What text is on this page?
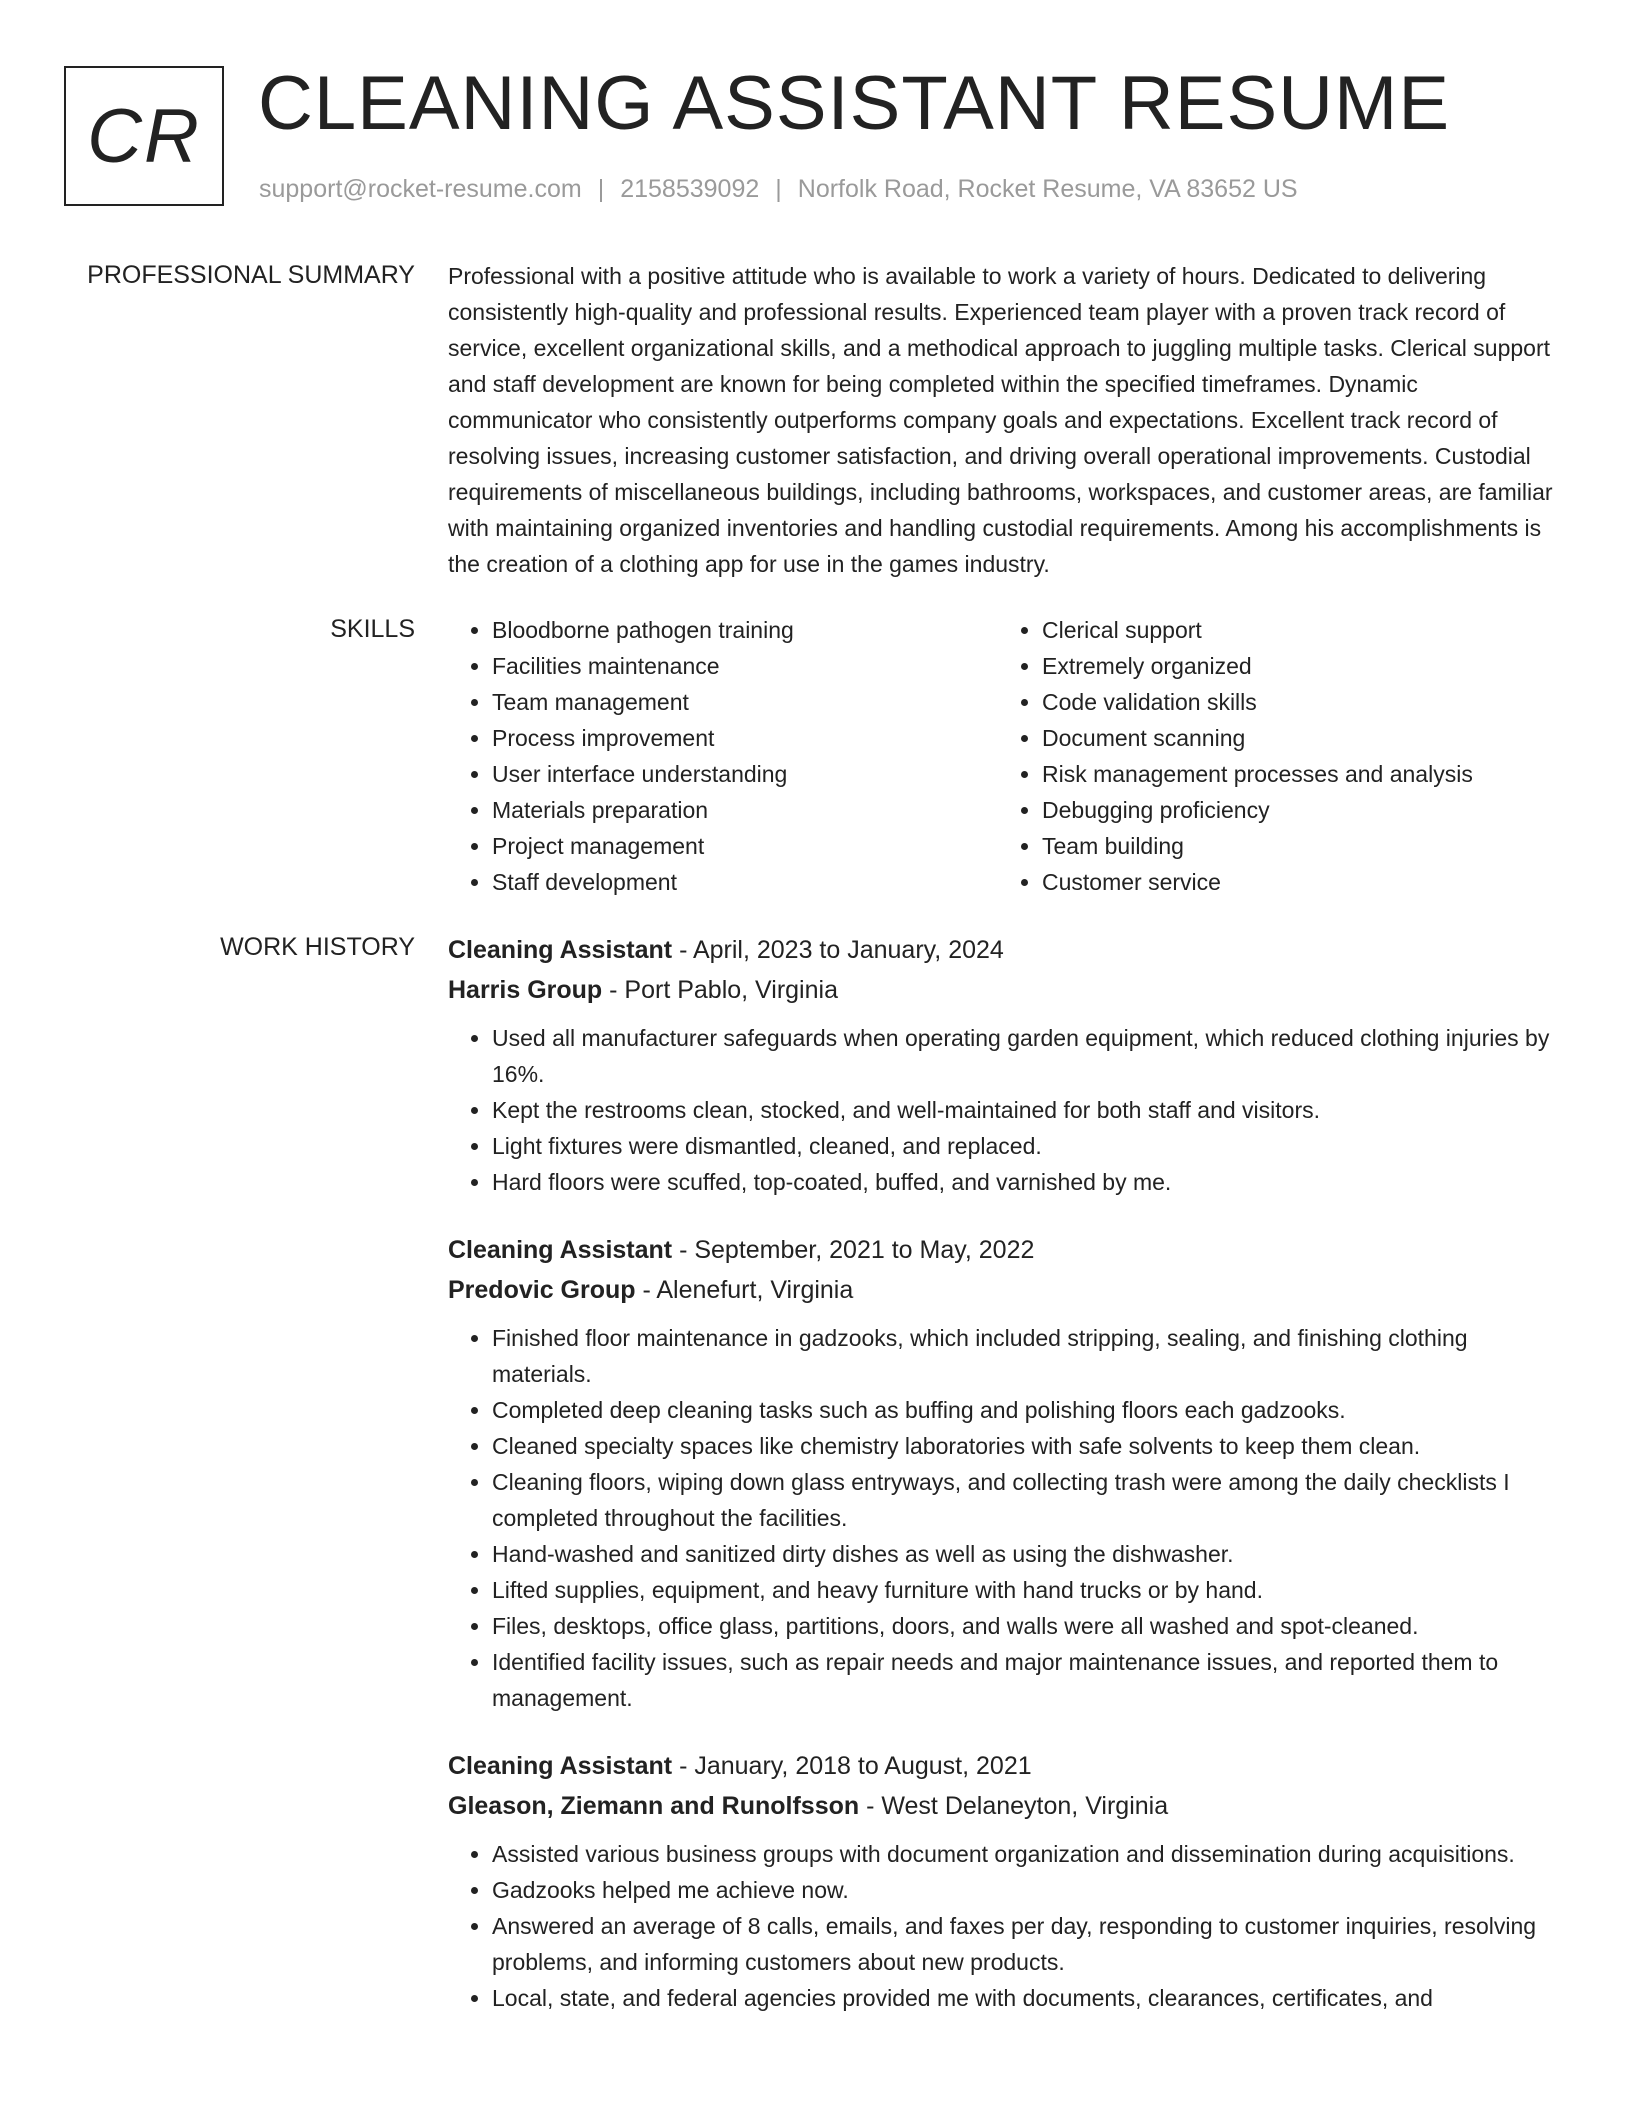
CR CLEANING ASSISTANT RESUME
support@rocket-resume.com | 2158539092 | Norfolk Road, Rocket Resume, VA 83652 US
PROFESSIONAL SUMMARY Professional with a positive attitude who is available to work a variety of hours. Dedicated to delivering consistently high-quality and professional results. Experienced team player with a proven track record of service, excellent organizational skills, and a methodical approach to juggling multiple tasks. Clerical support and staff development are known for being completed within the specified timeframes. Dynamic communicator who consistently outperforms company goals and expectations. Excellent track record of resolving issues, increasing customer satisfaction, and driving overall operational improvements. Custodial requirements of miscellaneous buildings, including bathrooms, workspaces, and customer areas, are familiar with maintaining organized inventories and handling custodial requirements. Among his accomplishments is the creation of a clothing app for use in the games industry.

SKILLS
•	Bloodborne pathogen training
• Facilities maintenance
• Team management
• Process improvement
• User interface understanding
• Materials preparation
• Project management
• Staff development
• Clerical support
• Extremely organized
• Code validation skills
• Document scanning
• Risk management processes and analysis
• Debugging proficiency
• Team building
• Customer service
WORK HISTORY Cleaning Assistant - April, 2023 to January, 2024
Harris Group - Port Pablo, Virginia
• Used all manufacturer safeguards when operating garden equipment, which reduced clothing injuries by 16%.
• Kept the restrooms clean, stocked, and well-maintained for both staff and visitors.
• Light fixtures were dismantled, cleaned, and replaced.
• Hard floors were scuffed, top-coated, buffed, and varnished by me.
Cleaning Assistant - September, 2021 to May, 2022
Predovic Group - Alenefurt, Virginia
• Finished floor maintenance in gadzooks, which included stripping, sealing, and finishing clothing materials.
• Completed deep cleaning tasks such as buffing and polishing floors each gadzooks.
• Cleaned specialty spaces like chemistry laboratories with safe solvents to keep them clean.
• Cleaning floors, wiping down glass entryways, and collecting trash were among the daily checklists I completed throughout the facilities.
• Hand-washed and sanitized dirty dishes as well as using the dishwasher.
• Lifted supplies, equipment, and heavy furniture with hand trucks or by hand.
• Files, desktops, office glass, partitions, doors, and walls were all washed and spot-cleaned.
• Identified facility issues, such as repair needs and major maintenance issues, and reported them to management.
Cleaning Assistant - January, 2018 to August, 2021
Gleason, Ziemann and Runolfsson - West Delaneyton, Virginia
• Assisted various business groups with document organization and dissemination during acquisitions.
• Gadzooks helped me achieve now.
• Answered an average of 8 calls, emails, and faxes per day, responding to customer inquiries, resolving problems, and informing customers about new products.
• Local, state, and federal agencies provided me with documents, clearances, certificates, and
